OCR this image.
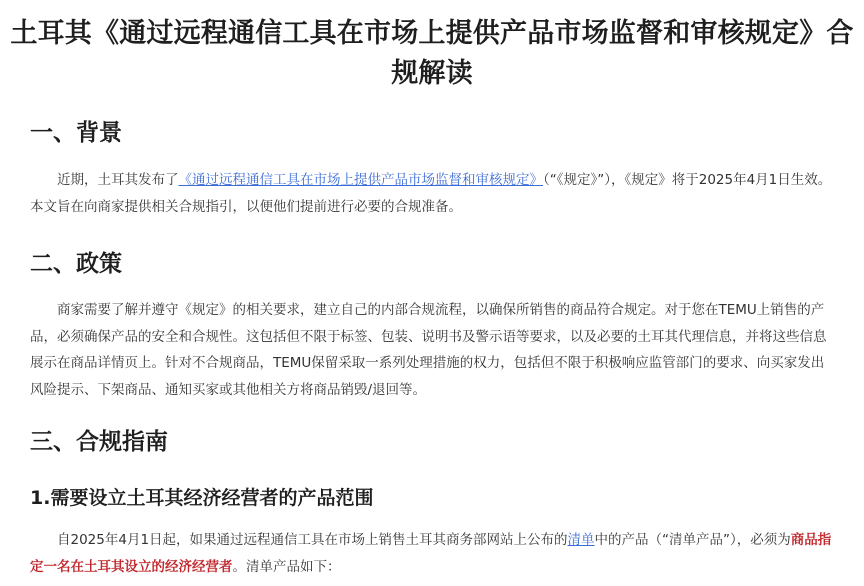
土耳其《通过远程通信工具在市场上提供产品市场监督和审核规定》合规解读
一、背景

近期，土耳其发布了《通过远程通信工具在市场上提供产品市场监督和审核规定》（“《规定》”），《规定》将于2025年4月1日生效。本文旨在向商家提供相关合规指引，以便他们提前进行必要的合规准备。

二、政策

商家需要了解并遵守《规定》的相关要求，建立自己的内部合规流程，以确保所销售的商品符合规定。对于您在TEMU上销售的产品，必须确保产品的安全和合规性。这包括但不限于标签、包装、说明书及警示语等要求，以及必要的土耳其代理信息，并将这些信息展示在商品详情页上。针对不合规商品，TEMU保留采取一系列处理措施的权力，包括但不限于积极响应监管部门的要求、向买家发出风险提示、下架商品、通知买家或其他相关方将商品销毁/退回等。

三、合规指南
1.需要设立土耳其经济经营者的产品范围

自2025年4月1日起，如果通过远程通信工具在市场上销售土耳其商务部网站上公布的清单中的产品（“清单产品”），必须为商品指定一名在土耳其设立的经济经营者。清单产品如下：
